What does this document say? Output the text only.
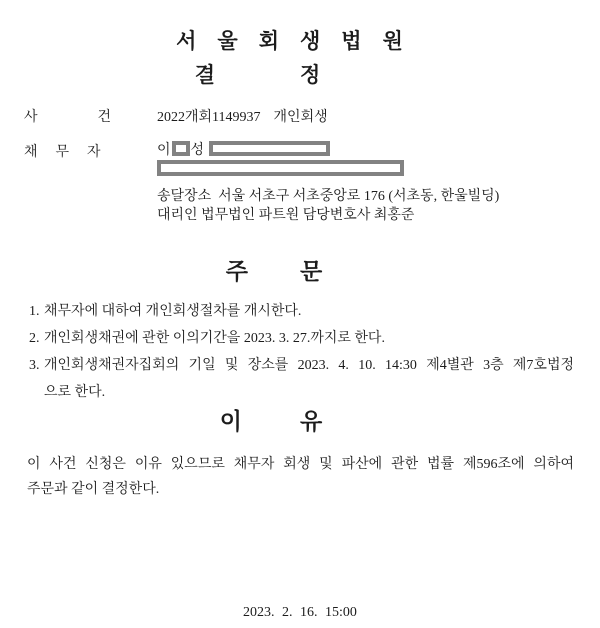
서울회생법원
결정
사건
2022개회1149937 개인회생
채무자	이 성
송달장소  서울 서초구 서초중앙로 176 (서초동, 한울빌딩)
대리인 법무법인 파트원 담당변호사 최홍준
주문
1. 채무자에 대하여 개인회생절차를 개시한다.
2. 개인회생채권에 관한 이의기간을 2023. 3. 27.까지로 한다.
3. 개인회생채권자집회의 기일 및 장소를 2023. 4. 10. 14:30 제4별관 3층 제7호법정
으로 한다.
이유
이 사건 신청은 이유 있으므로 채무자 회생 및 파산에 관한 법률 제596조에 의하여
주문과 같이 결정한다.
2023. 2. 16. 15:00
